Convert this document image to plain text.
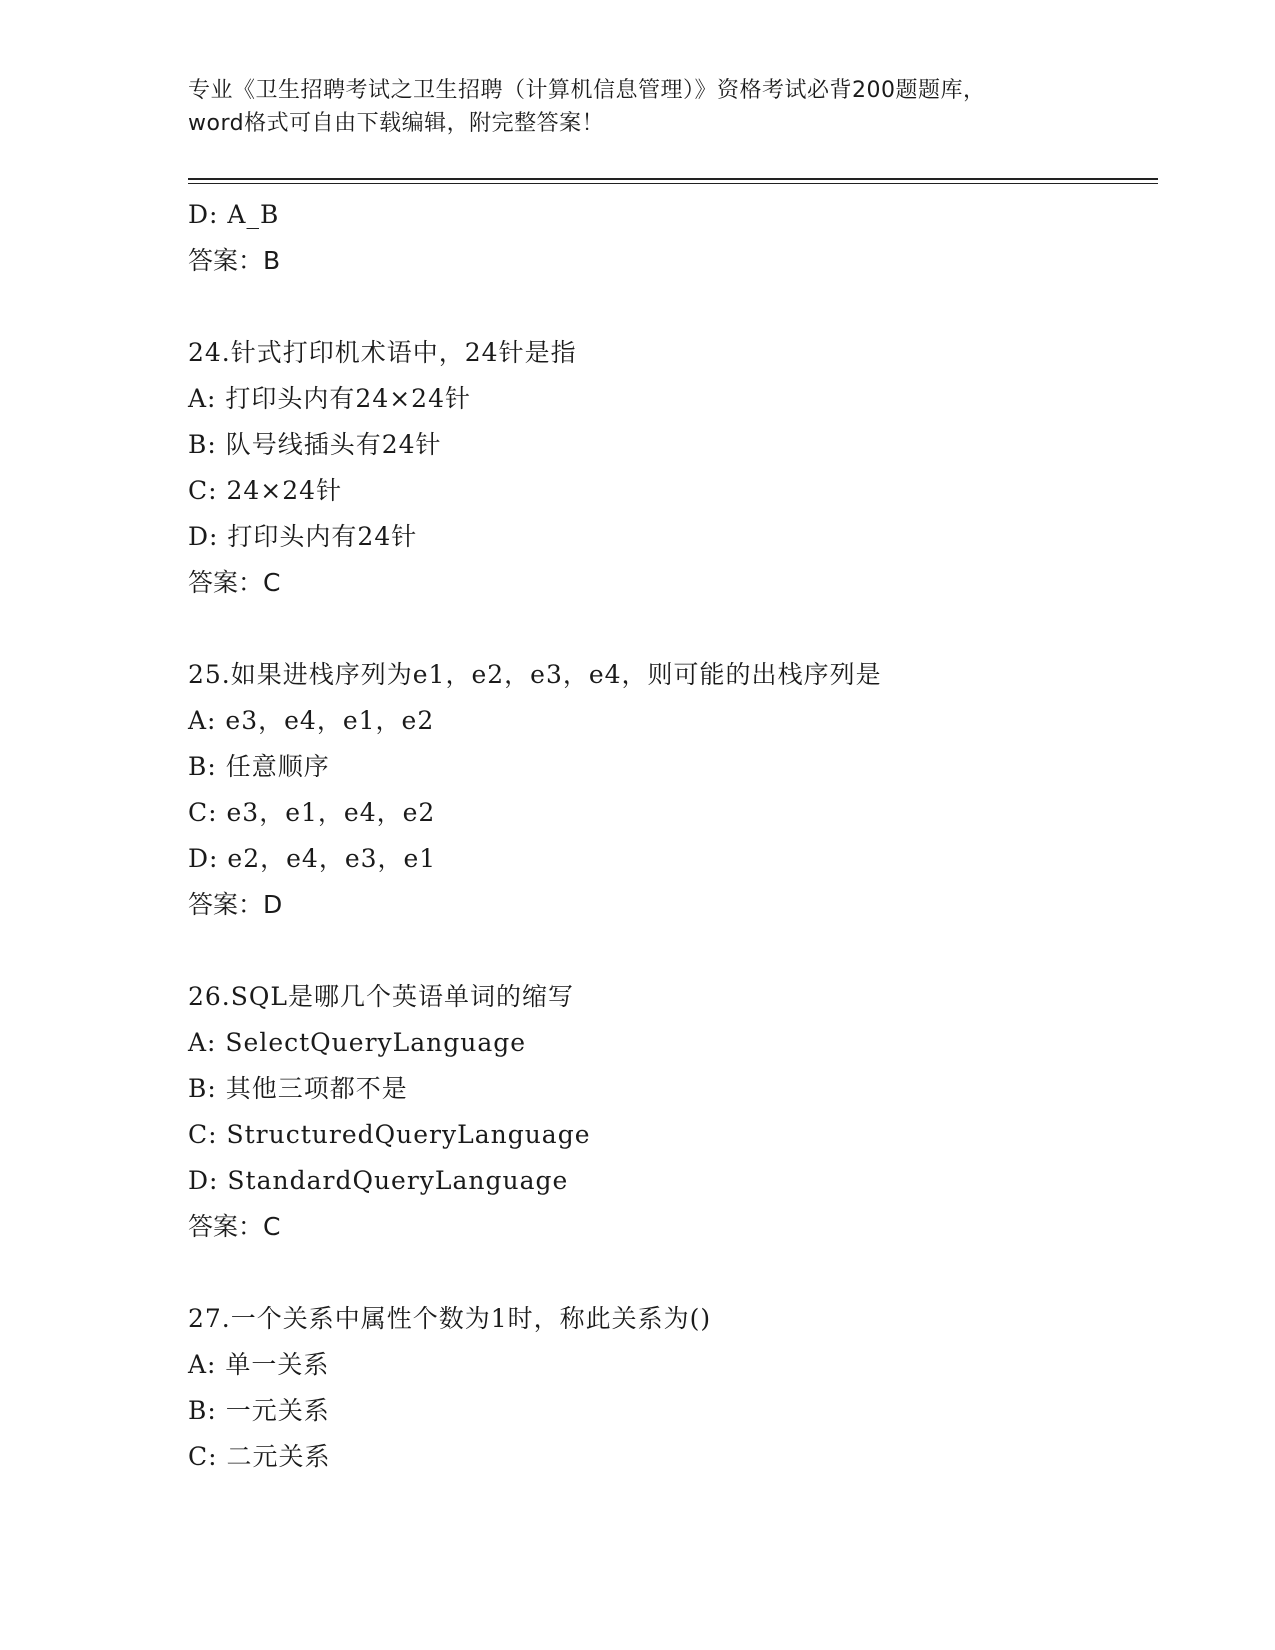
专业《卫生招聘考试之卫生招聘（计算机信息管理）》资格考试必背200题题库，
word格式可自由下载编辑，附完整答案！
D: A_B
答案：B
24.针式打印机术语中，24针是指
A: 打印头内有24×24针
B: 队号线插头有24针
C: 24×24针
D: 打印头内有24针
答案：C
25.如果进栈序列为e1，e2，e3，e4，则可能的出栈序列是
A: e3，e4，e1，e2
B: 任意顺序
C: e3，e1，e4，e2
D: e2，e4，e3，e1
答案：D
26.SQL是哪几个英语单词的缩写
A: SelectQueryLanguage
B: 其他三项都不是
C: StructuredQueryLanguage
D: StandardQueryLanguage
答案：C
27.一个关系中属性个数为1时，称此关系为()
A: 单一关系
B: 一元关系
C: 二元关系
